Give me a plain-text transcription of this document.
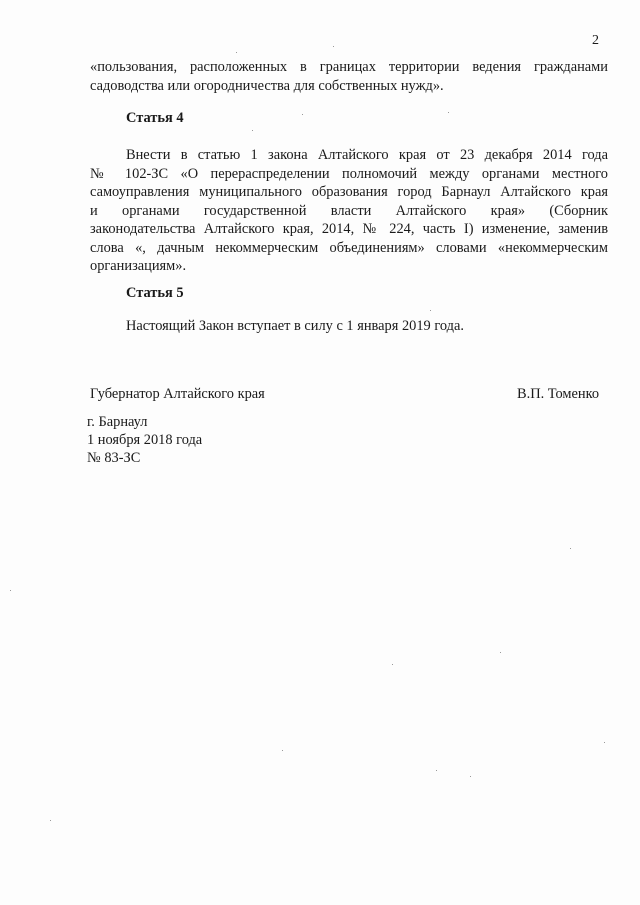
2
«пользования, расположенных в границах территории ведения гражданами
садоводства или огородничества для собственных нужд».
Статья 4
Внести в статью 1 закона Алтайского края от 23 декабря 2014 года
№ 102-ЗС «О перераспределении полномочий между органами местного
самоуправления муниципального образования город Барнаул Алтайского края
и органами государственной власти Алтайского края» (Сборник
законодательства Алтайского края, 2014, № 224, часть I) изменение, заменив
слова «, дачным некоммерческим объединениям» словами «некоммерческим
организациям».
Статья 5
Настоящий Закон вступает в силу с 1 января 2019 года.
Губернатор Алтайского края	В.П. Томенко
г. Барнаул
1 ноября 2018 года
№ 83-ЗС
